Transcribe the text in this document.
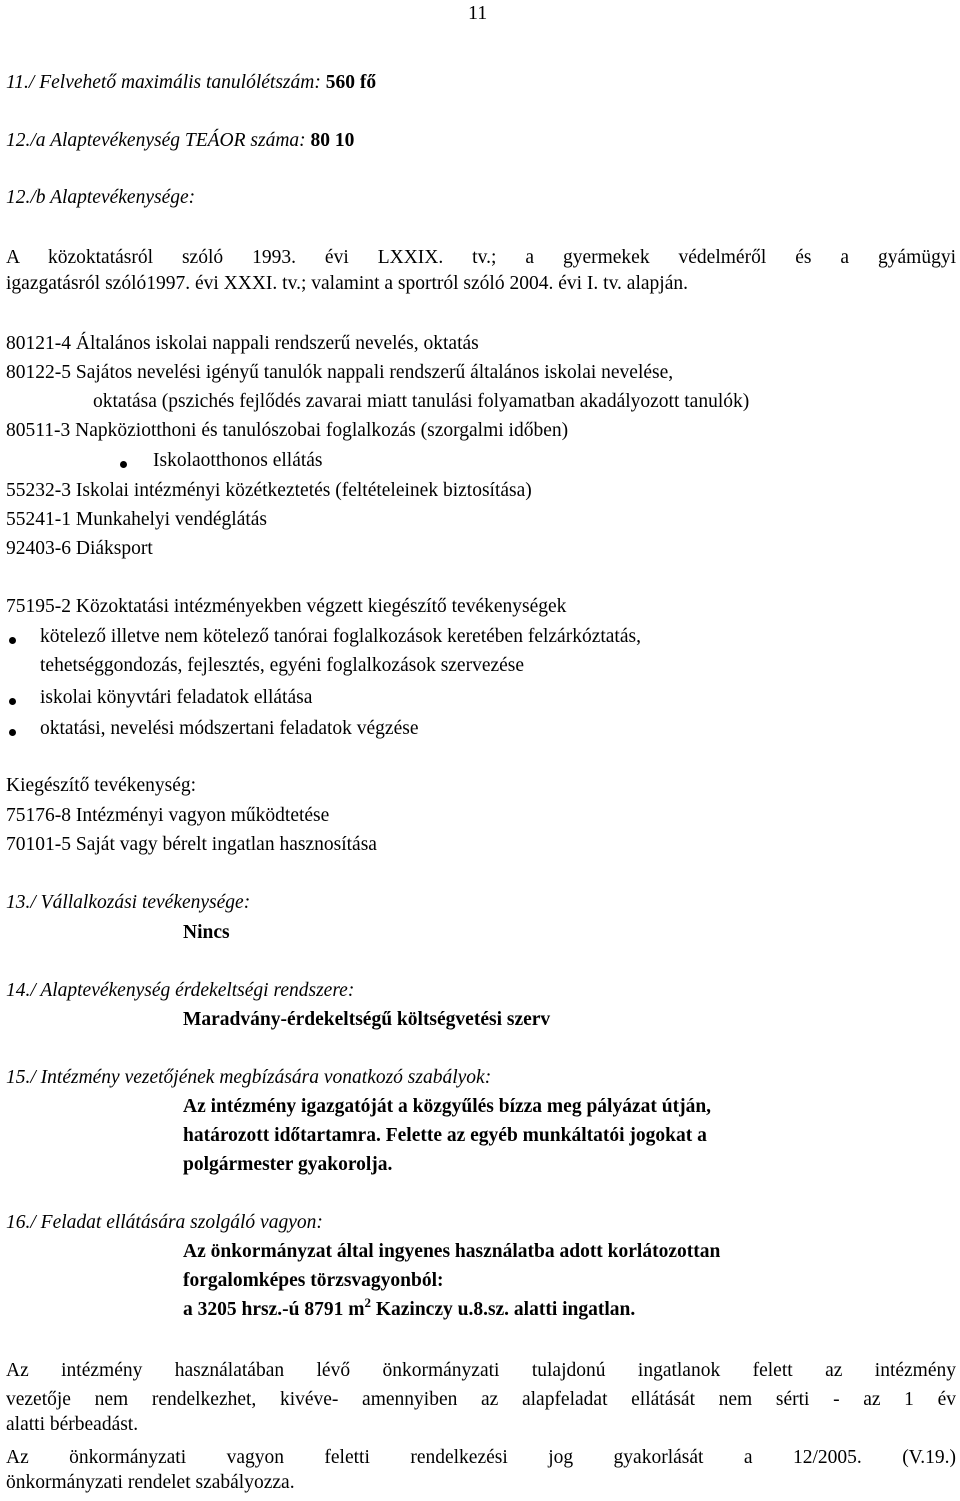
11
11./ Felvehető maximális tanulólétszám: 560 fő
12./a Alaptevékenység TEÁOR száma: 80 10
12./b Alaptevékenysége:
A közoktatásról szóló 1993. évi LXXIX. tv.; a gyermekek védelméről és a gyámügyi
igazgatásról szóló1997. évi XXXI. tv.; valamint a sportról szóló 2004. évi I. tv. alapján.
80121-4 Általános iskolai nappali rendszerű nevelés, oktatás
80122-5 Sajátos nevelési igényű tanulók nappali rendszerű általános iskolai nevelése,
oktatása (pszichés fejlődés zavarai miatt tanulási folyamatban akadályozott tanulók)
80511-3 Napköziotthoni és tanulószobai foglalkozás (szorgalmi időben)
Iskolaotthonos ellátás
55232-3 Iskolai intézményi közétkeztetés (feltételeinek biztosítása)
55241-1 Munkahelyi vendéglátás
92403-6 Diáksport
75195-2 Közoktatási intézményekben végzett kiegészítő tevékenységek
kötelező illetve nem kötelező tanórai foglalkozások keretében felzárkóztatás,
tehetséggondozás, fejlesztés, egyéni foglalkozások szervezése
iskolai könyvtári feladatok ellátása
oktatási, nevelési módszertani feladatok végzése
Kiegészítő tevékenység:
75176-8 Intézményi vagyon működtetése
70101-5 Saját vagy bérelt ingatlan hasznosítása
13./ Vállalkozási tevékenysége:
Nincs
14./ Alaptevékenység érdekeltségi rendszere:
Maradvány-érdekeltségű költségvetési szerv
15./ Intézmény vezetőjének megbízására vonatkozó szabályok:
Az intézmény igazgatóját a közgyűlés bízza meg pályázat útján,
határozott időtartamra. Felette az egyéb munkáltatói jogokat a
polgármester gyakorolja.
16./ Feladat ellátására szolgáló vagyon:
Az önkormányzat által ingyenes használatba adott korlátozottan
forgalomképes törzsvagyonból:
a 3205 hrsz.-ú 8791 $m^2$ Kazinczy u.8.sz. alatti ingatlan.
Az intézmény használatában lévő önkormányzati tulajdonú ingatlanok felett az intézmény
vezetője nem rendelkezhet, kivéve- amennyiben az alapfeladat ellátását nem sérti - az 1 év
alatti bérbeadást.
Az önkormányzati vagyon feletti rendelkezési jog gyakorlását a 12/2005. (V.19.)
önkormányzati rendelet szabályozza.
